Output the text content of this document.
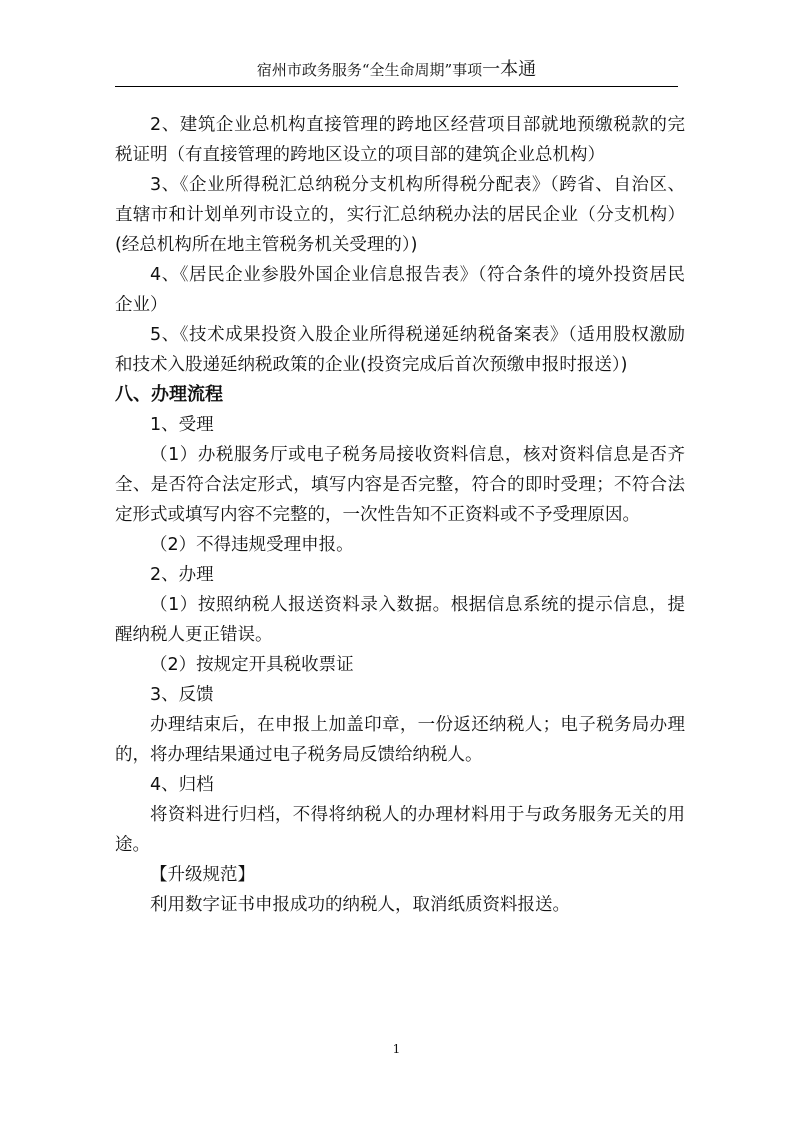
宿州市政务服务“全生命周期”事项一本通

2、建筑企业总机构直接管理的跨地区经营项目部就地预缴税款的完税证明（有直接管理的跨地区设立的项目部的建筑企业总机构）

3、《企业所得税汇总纳税分支机构所得税分配表》（跨省、自治区、直辖市和计划单列市设立的，实行汇总纳税办法的居民企业（分支机构）(经总机构所在地主管税务机关受理的）)

4、《居民企业参股外国企业信息报告表》（符合条件的境外投资居民企业）

5、《技术成果投资入股企业所得税递延纳税备案表》（适用股权激励和技术入股递延纳税政策的企业(投资完成后首次预缴申报时报送）)

八、办理流程

1、受理

（1）办税服务厅或电子税务局接收资料信息，核对资料信息是否齐全、是否符合法定形式，填写内容是否完整，符合的即时受理；不符合法定形式或填写内容不完整的，一次性告知不正资料或不予受理原因。

（2）不得违规受理申报。

2、办理

（1）按照纳税人报送资料录入数据。根据信息系统的提示信息，提醒纳税人更正错误。

（2）按规定开具税收票证

3、反馈

办理结束后，在申报上加盖印章，一份返还纳税人；电子税务局办理的，将办理结果通过电子税务局反馈给纳税人。

4、归档

将资料进行归档，不得将纳税人的办理材料用于与政务服务无关的用途。

【升级规范】

利用数字证书申报成功的纳税人，取消纸质资料报送。

1
